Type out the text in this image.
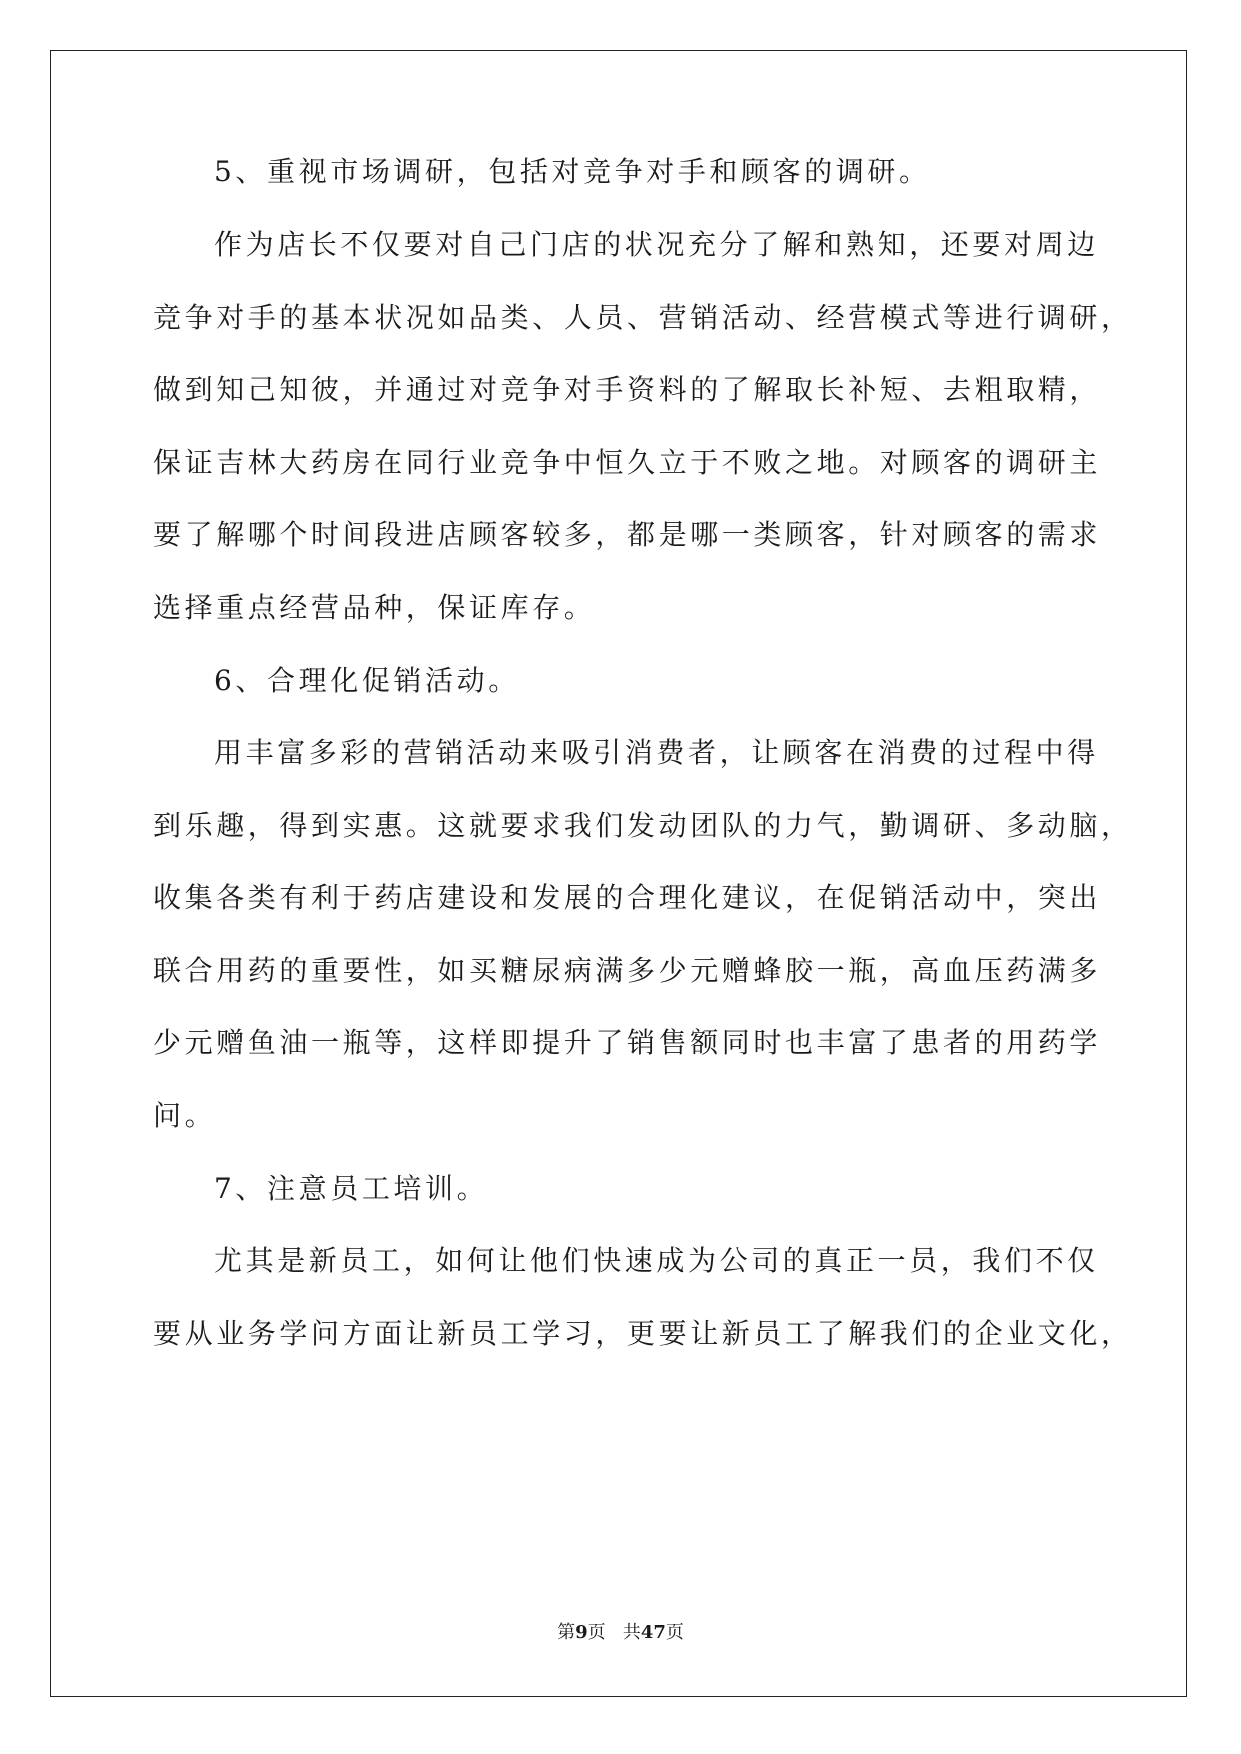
5、重视市场调研，包括对竞争对手和顾客的调研。

作为店长不仅要对自己门店的状况充分了解和熟知，还要对周边

竞争对手的基本状况如品类、人员、营销活动、经营模式等进行调研，

做到知己知彼，并通过对竞争对手资料的了解取长补短、去粗取精，

保证吉林大药房在同行业竞争中恒久立于不败之地。对顾客的调研主

要了解哪个时间段进店顾客较多，都是哪一类顾客，针对顾客的需求

选择重点经营品种，保证库存。

6、合理化促销活动。

用丰富多彩的营销活动来吸引消费者，让顾客在消费的过程中得

到乐趣，得到实惠。这就要求我们发动团队的力气，勤调研、多动脑，

收集各类有利于药店建设和发展的合理化建议，在促销活动中，突出

联合用药的重要性，如买糖尿病满多少元赠蜂胶一瓶，高血压药满多

少元赠鱼油一瓶等，这样即提升了销售额同时也丰富了患者的用药学

问。

7、注意员工培训。

尤其是新员工，如何让他们快速成为公司的真正一员，我们不仅

要从业务学问方面让新员工学习，更要让新员工了解我们的企业文化，

第9页 共47页
